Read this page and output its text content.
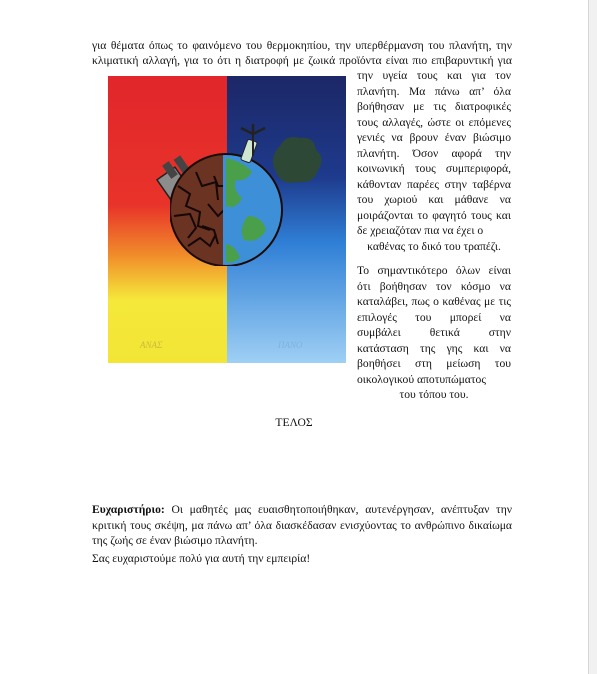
για θέματα όπως το φαινόμενο του θερμοκηπίου, την υπερθέρμανση του πλανήτη, την
κλιματική αλλαγή, για το ότι η διατροφή με ζωικά προϊόντα είναι πιο επιβαρυντική για
ΑΝΑΣ	ΠΑΝΟ

την υγεία τους και για τον πλανήτη. Μα πάνω απ’ όλα βοήθησαν με τις διατροφικές τους αλλαγές, ώστε οι επόμενες γενιές να βρουν έναν βιώσιμο πλανήτη. Όσον αφορά την κοινωνική τους συμπεριφορά, κάθονταν παρέες στην ταβέρνα του χωριού και μάθανε να μοιράζονται το φαγητό τους και δε χρειαζόταν πια να έχει ο
καθένας το δικό του τραπέζι.

Το σημαντικότερο όλων είναι ότι βοήθησαν τον κόσμο να καταλάβει, πως ο καθένας με τις επιλογές του μπορεί να συμβάλει θετικά στην κατάσταση της γης και να βοηθήσει στη μείωση του οικολογικού αποτυπώματος
του τόπου του.

ΤΕΛΟΣ
Ευχαριστήριο: Οι μαθητές μας ευαισθητοποιήθηκαν, αυτενέργησαν, ανέπτυξαν την κριτική τους σκέψη, μα πάνω απ’ όλα διασκέδασαν ενισχύοντας το ανθρώπινο δικαίωμα της ζωής σε έναν βιώσιμο πλανήτη.
Σας ευχαριστούμε πολύ για αυτή την εμπειρία!
